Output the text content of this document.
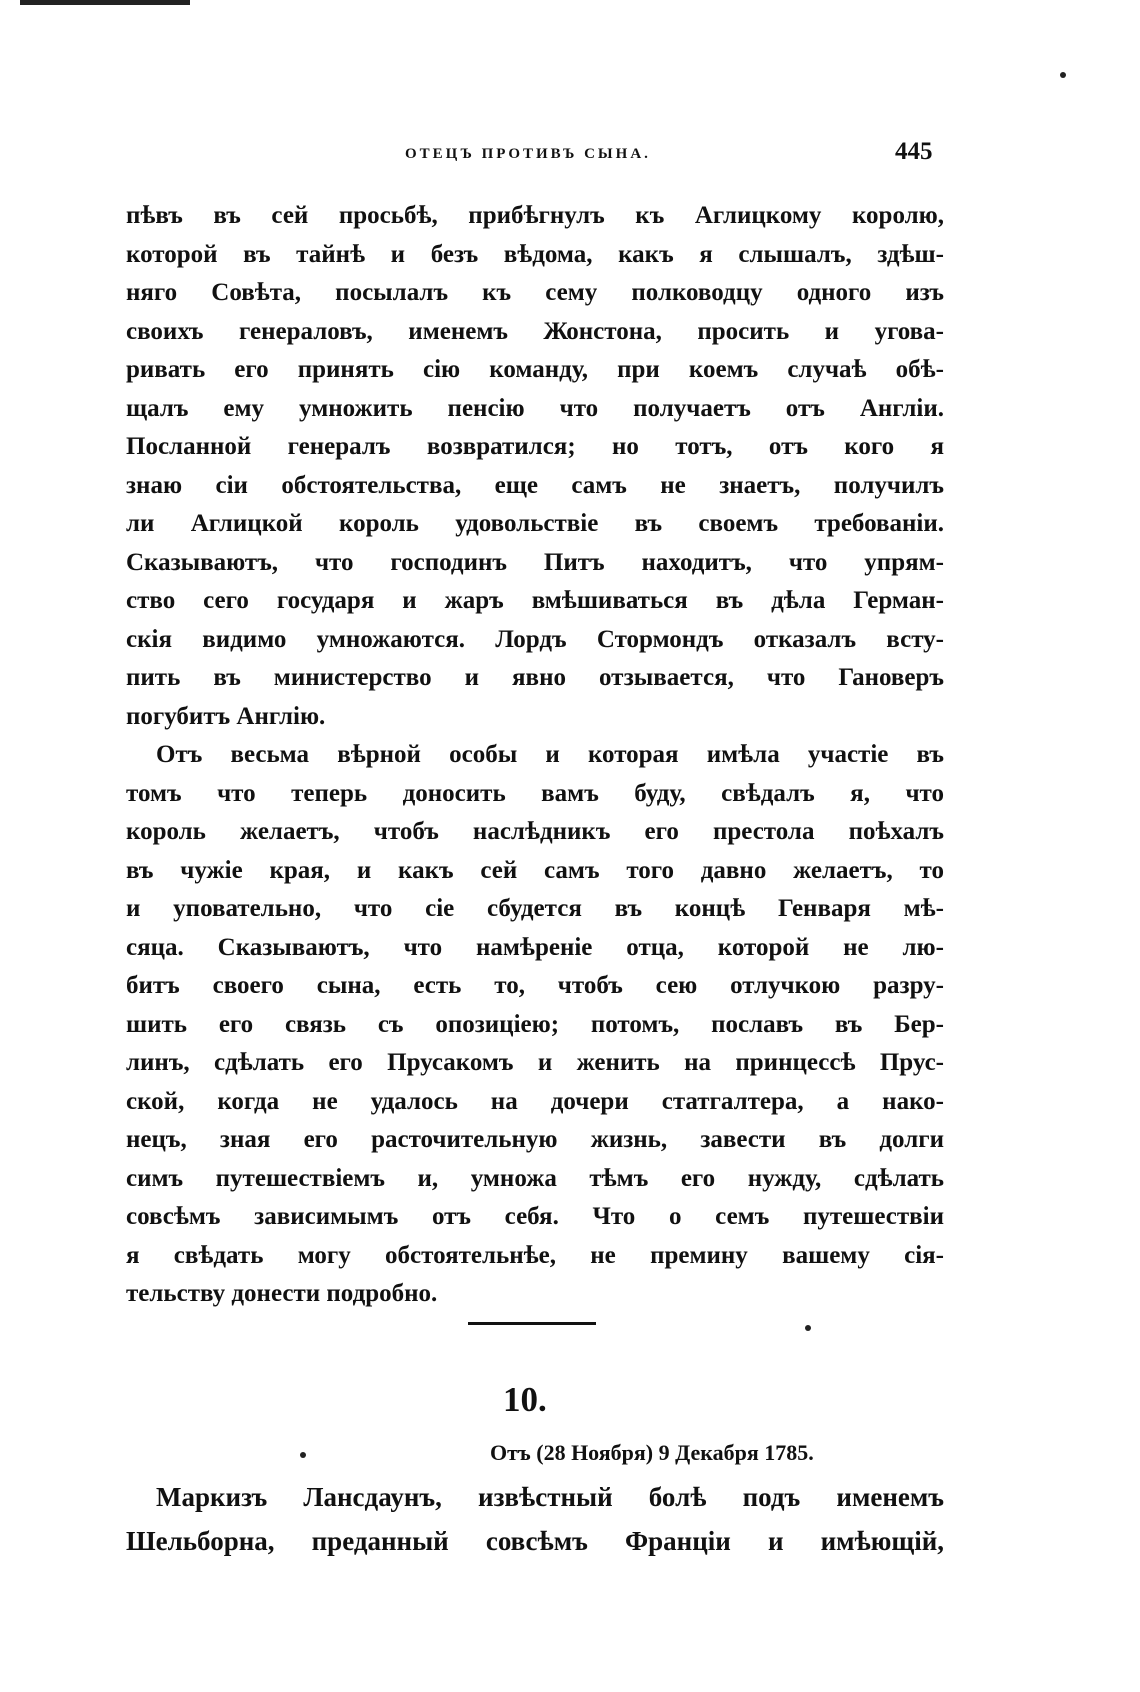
ОТЕЦЪ ПРОТИВЪ СЫНА.	445
пѣвъ въ сей просьбѣ, прибѣгнулъ къ Аглицкому королю,
которой въ тайнѣ и безъ вѣдома, какъ я слышалъ, здѣш-
няго Совѣта, посылалъ къ сему полководцу одного изъ
своихъ генераловъ, именемъ Жонстона, просить и угова-
ривать его принять сію команду, при коемъ случаѣ обѣ-
щалъ ему умножить пенсію что получаетъ отъ Англіи.
Посланной генералъ возвратился; но тотъ, отъ кого я
знаю сіи обстоятельства, еще самъ не знаетъ, получилъ
ли Аглицкой король удовольствіе въ своемъ требованіи.
Сказываютъ, что господинъ Питъ находитъ, что упрям-
ство сего государя и жаръ вмѣшиваться въ дѣла Герман-
скія видимо умножаются. Лордъ Стормондъ отказалъ всту-
пить въ министерство и явно отзывается, что Гановеръ
погубитъ Англію.
Отъ весьма вѣрной особы и которая имѣла участіе въ
томъ что теперь доносить вамъ буду, свѣдалъ я, что
король желаетъ, чтобъ наслѣдникъ его престола поѣхалъ
въ чужіе края, и какъ сей самъ того давно желаетъ, то
и уповательно, что сіе сбудется въ концѣ Генваря мѣ-
сяца. Сказываютъ, что намѣреніе отца, которой не лю-
битъ своего сына, есть то, чтобъ сею отлучкою разру-
шить его связь съ опозиціею; потомъ, пославъ въ Бер-
линъ, сдѣлать его Прусакомъ и женить на принцессѣ Прус-
ской, когда не удалось на дочери статгалтера, а нако-
нецъ, зная его расточительную жизнь, завести въ долги
симъ путешествіемъ и, умножа тѣмъ его нужду, сдѣлать
совсѣмъ зависимымъ отъ себя. Что о семъ путешествіи
я свѣдать могу обстоятельнѣе, не премину вашему сія-
тельству донести подробно.
10.
Отъ (28 Ноября) 9 Декабря 1785.
Маркизъ Лансдаунъ, извѣстный болѣ подъ именемъ
Шельборна, преданный совсѣмъ Франціи и имѣющій,
